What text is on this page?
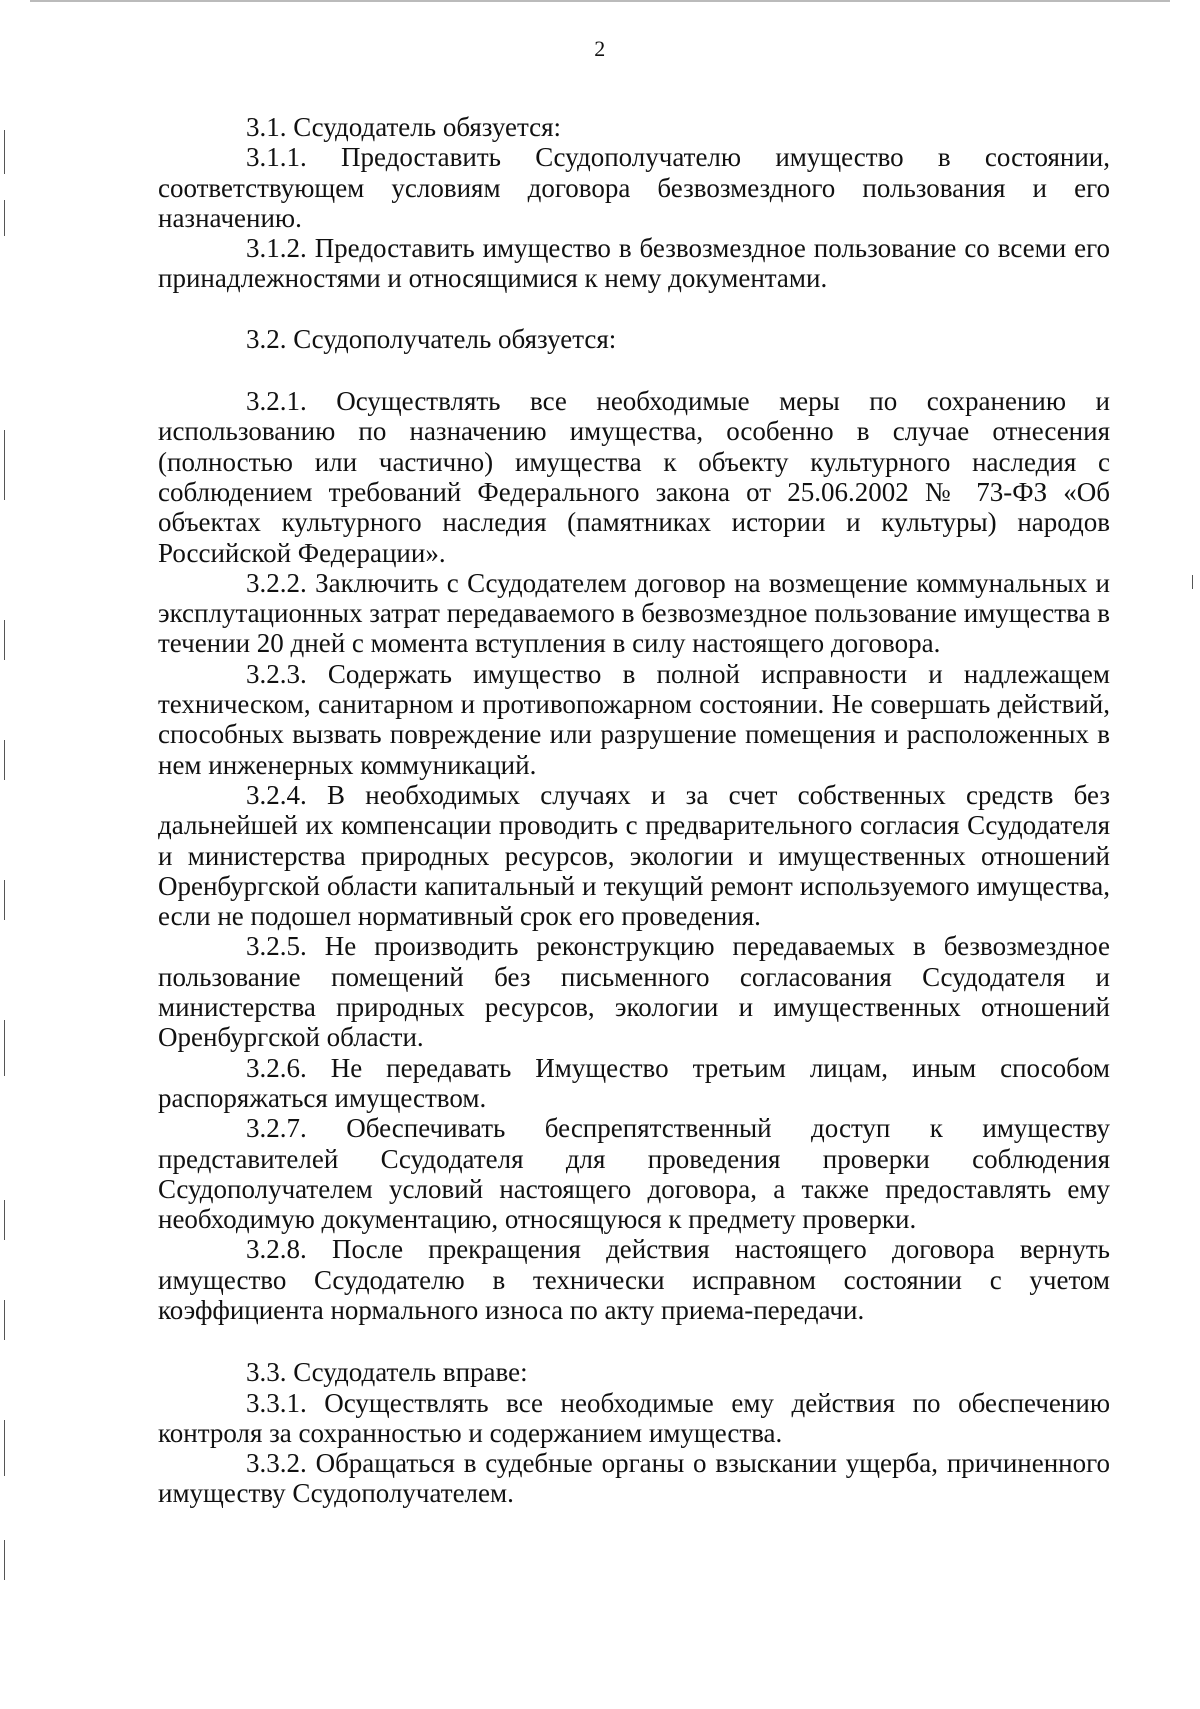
2

3.1. Ссудодатель обязуется:

3.1.1. Предоставить Ссудополучателю имущество в состоянии, соответствующем условиям договора безвозмездного пользования и его назначению.

3.1.2. Предоставить имущество в безвозмездное пользование со всеми его принадлежностями и относящимися к нему документами.

3.2. Ссудополучатель обязуется:

3.2.1. Осуществлять все необходимые меры по сохранению и использованию по назначению имущества, особенно в случае отнесения (полностью или частично) имущества к объекту культурного наследия с соблюдением требований Федерального закона от 25.06.2002 № 73-ФЗ «Об объектах культурного наследия (памятниках истории и культуры) народов Российской Федерации».

3.2.2. Заключить с Ссудодателем договор на возмещение коммунальных и эксплутационных затрат передаваемого в безвозмездное пользование имущества в течении 20 дней с момента вступления в силу настоящего договора.

3.2.3. Содержать имущество в полной исправности и надлежащем техническом, санитарном и противопожарном состоянии. Не совершать действий, способных вызвать повреждение или разрушение помещения и расположенных в нем инженерных коммуникаций.

3.2.4. В необходимых случаях и за счет собственных средств без дальнейшей их компенсации проводить с предварительного согласия Ссудодателя и министерства природных ресурсов, экологии и имущественных отношений Оренбургской области капитальный и текущий ремонт используемого имущества, если не подошел нормативный срок его проведения.

3.2.5. Не производить реконструкцию передаваемых в безвозмездное пользование помещений без письменного согласования Ссудодателя и министерства природных ресурсов, экологии и имущественных отношений Оренбургской области.

3.2.6. Не передавать Имущество третьим лицам, иным способом распоряжаться имуществом.

3.2.7. Обеспечивать беспрепятственный доступ к имуществу представителей Ссудодателя для проведения проверки соблюдения Ссудополучателем условий настоящего договора, а также предоставлять ему необходимую документацию, относящуюся к предмету проверки.

3.2.8. После прекращения действия настоящего договора вернуть имущество Ссудодателю в технически исправном состоянии с учетом коэффициента нормального износа по акту приема-передачи.

3.3. Ссудодатель вправе:

3.3.1. Осуществлять все необходимые ему действия по обеспечению контроля за сохранностью и содержанием имущества.

3.3.2. Обращаться в судебные органы о взыскании ущерба, причиненного имуществу Ссудополучателем.
